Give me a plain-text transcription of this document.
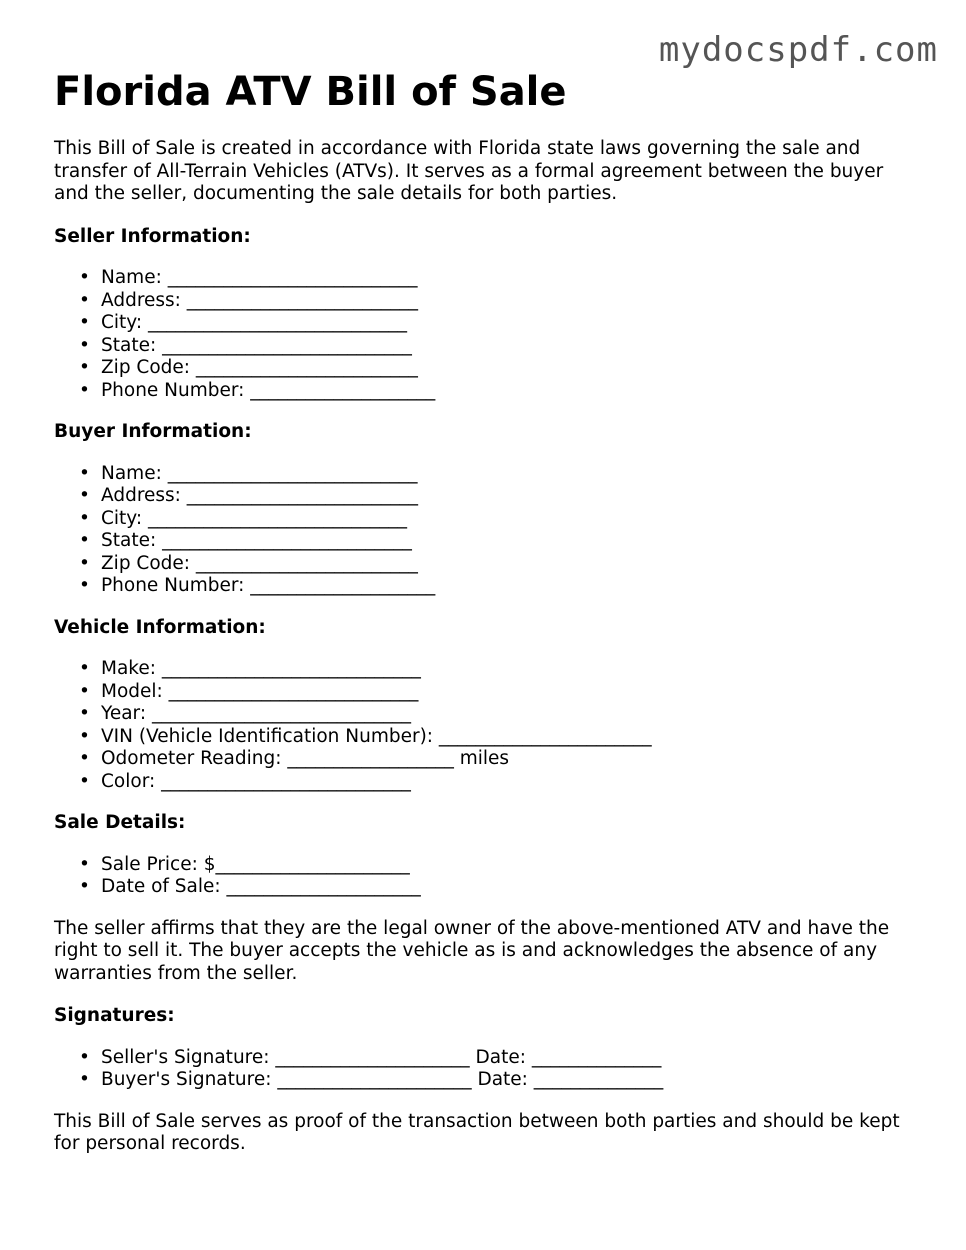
mydocspdf.com
Florida ATV Bill of Sale

This Bill of Sale is created in accordance with Florida state laws governing the sale and transfer of All-Terrain Vehicles (ATVs). It serves as a formal agreement between the buyer and the seller, documenting the sale details for both parties.

Seller Information:
• Name: ___________________________
• Address: _________________________
• City: ____________________________
• State: ___________________________
• Zip Code: ________________________
• Phone Number: ____________________
Buyer Information:
• Name: ___________________________
• Address: _________________________
• City: ____________________________
• State: ___________________________
• Zip Code: ________________________
• Phone Number: ____________________
Vehicle Information:
• Make: ____________________________
• Model: ___________________________
• Year: ____________________________
• VIN (Vehicle Identification Number): _______________________
• Odometer Reading: __________________ miles
• Color: ___________________________
Sale Details:
• Sale Price: $_____________________
• Date of Sale: _____________________

The seller affirms that they are the legal owner of the above-mentioned ATV and have the right to sell it. The buyer accepts the vehicle as is and acknowledges the absence of any warranties from the seller.

Signatures:
• Seller's Signature: _____________________ Date: ______________
• Buyer's Signature: _____________________ Date: ______________

This Bill of Sale serves as proof of the transaction between both parties and should be kept for personal records.
